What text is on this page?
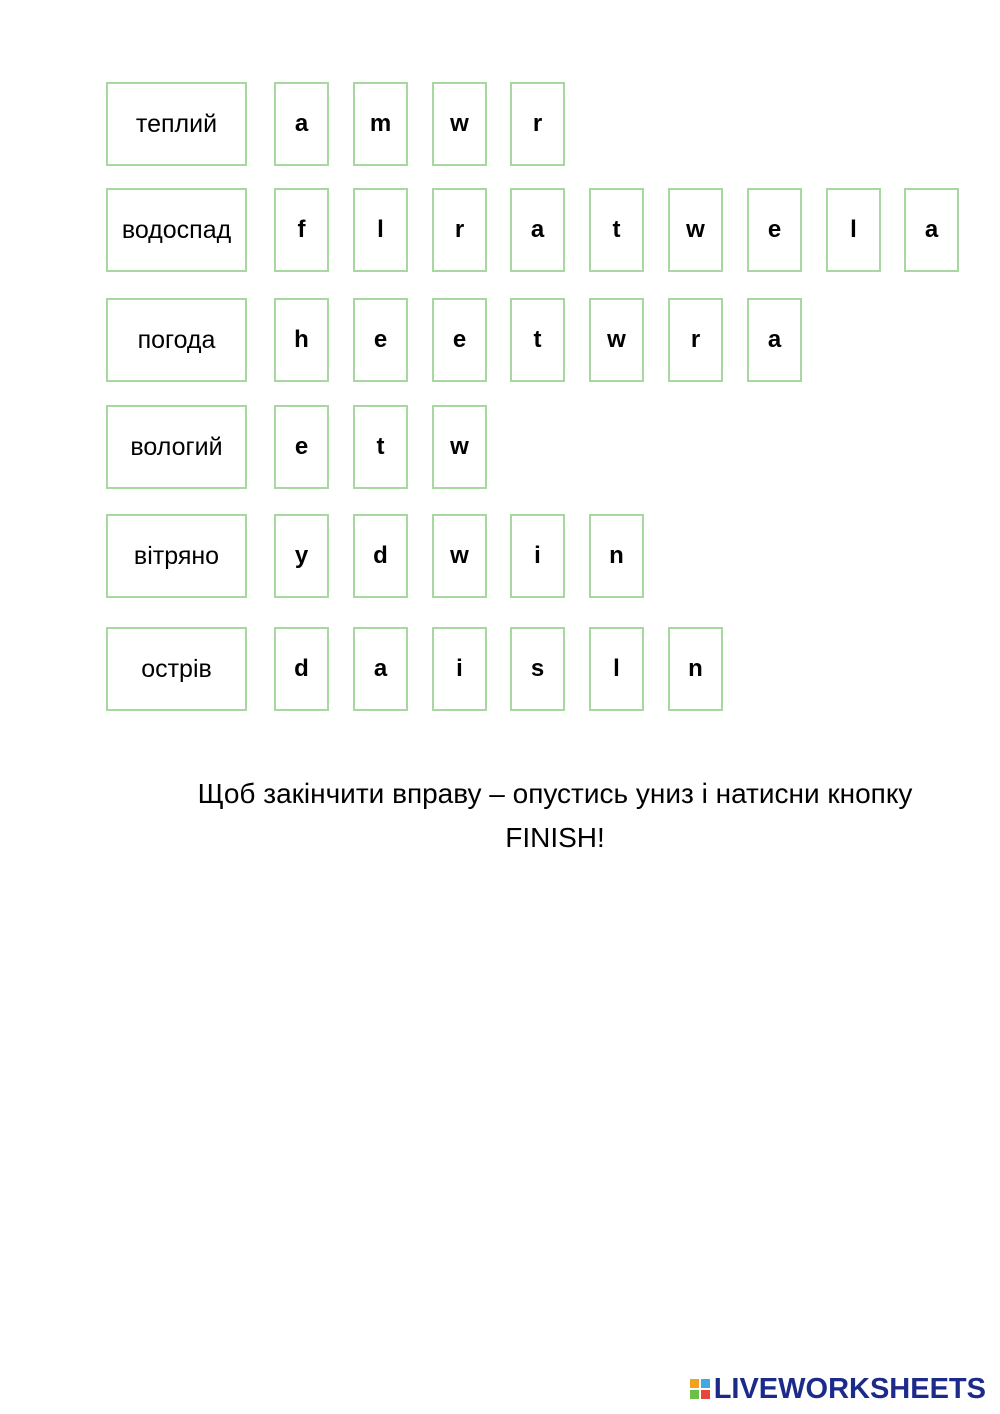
теплий	a	m	w	r
водоспад	f	l	r	a	t	w	e	l	a
погода	h	e	e	t	w	r	a
вологий	e	t	w
вітряно	y	d	w	i	n
острів	d	a	i	s	l	n
Щоб закінчити вправу – опустись униз і натисни кнопку
FINISH!
LIVEWORKSHEETS
